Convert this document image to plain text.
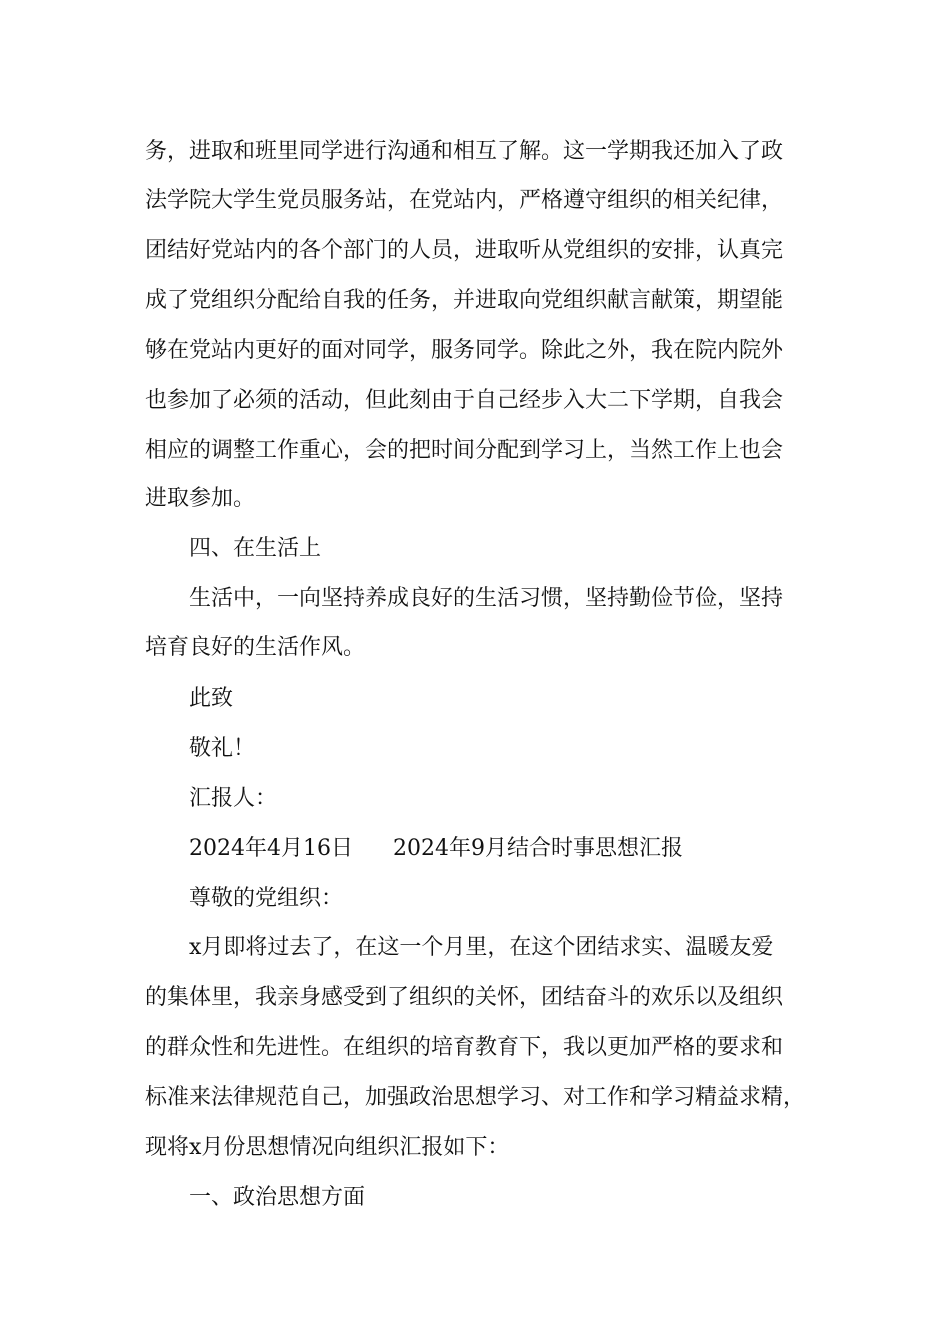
务，进取和班里同学进行沟通和相互了解。这一学期我还加入了政
法学院大学生党员服务站，在党站内，严格遵守组织的相关纪律，
团结好党站内的各个部门的人员，进取听从党组织的安排，认真完
成了党组织分配给自我的任务，并进取向党组织献言献策，期望能
够在党站内更好的面对同学，服务同学。除此之外，我在院内院外
也参加了必须的活动，但此刻由于自己经步入大二下学期，自我会
相应的调整工作重心，会的把时间分配到学习上，当然工作上也会
进取参加。
四、在生活上
生活中，一向坚持养成良好的生活习惯，坚持勤俭节俭，坚持
培育良好的生活作风。
此致
敬礼！
汇报人：
2024年4月16日 2024年9月结合时事思想汇报
尊敬的党组织：
x月即将过去了，在这一个月里，在这个团结求实、温暖友爱
的集体里，我亲身感受到了组织的关怀，团结奋斗的欢乐以及组织
的群众性和先进性。在组织的培育教育下，我以更加严格的要求和
标准来法律规范自己，加强政治思想学习、对工作和学习精益求精，
现将x月份思想情况向组织汇报如下：
一、政治思想方面
